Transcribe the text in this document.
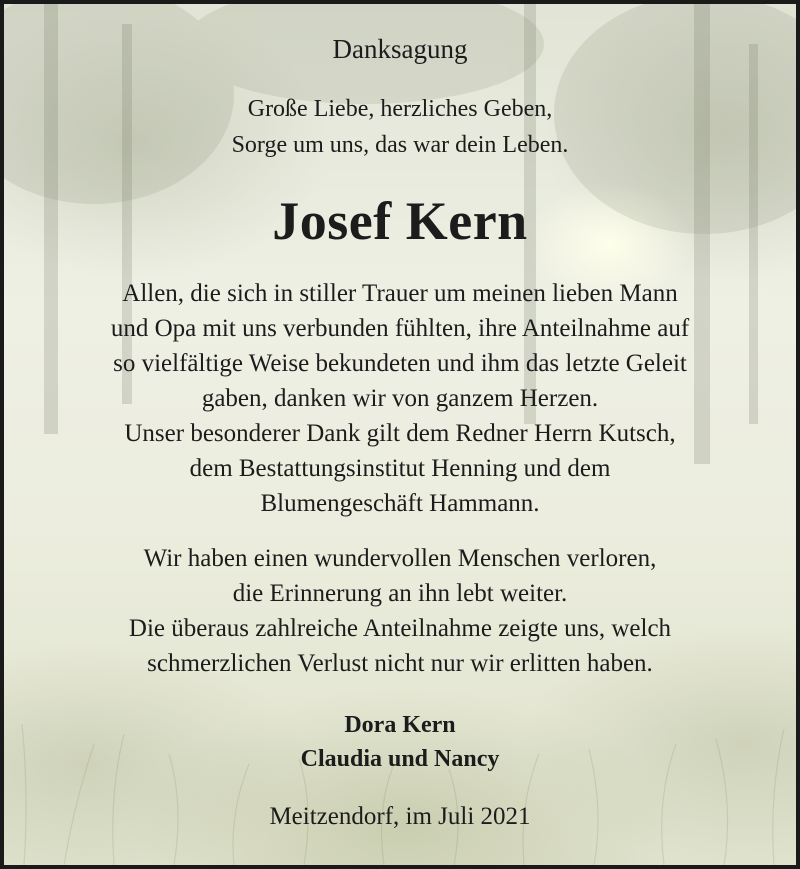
Danksagung
Große Liebe, herzliches Geben,
Sorge um uns, das war dein Leben.
Josef Kern
Allen, die sich in stiller Trauer um meinen lieben Mann
und Opa mit uns verbunden fühlten, ihre Anteilnahme auf
so vielfältige Weise bekundeten und ihm das letzte Geleit
gaben, danken wir von ganzem Herzen.
Unser besonderer Dank gilt dem Redner Herrn Kutsch,
dem Bestattungsinstitut Henning und dem
Blumengeschäft Hammann.
Wir haben einen wundervollen Menschen verloren,
die Erinnerung an ihn lebt weiter.
Die überaus zahlreiche Anteilnahme zeigte uns, welch
schmerzlichen Verlust nicht nur wir erlitten haben.
Dora Kern
Claudia und Nancy
Meitzendorf, im Juli 2021
